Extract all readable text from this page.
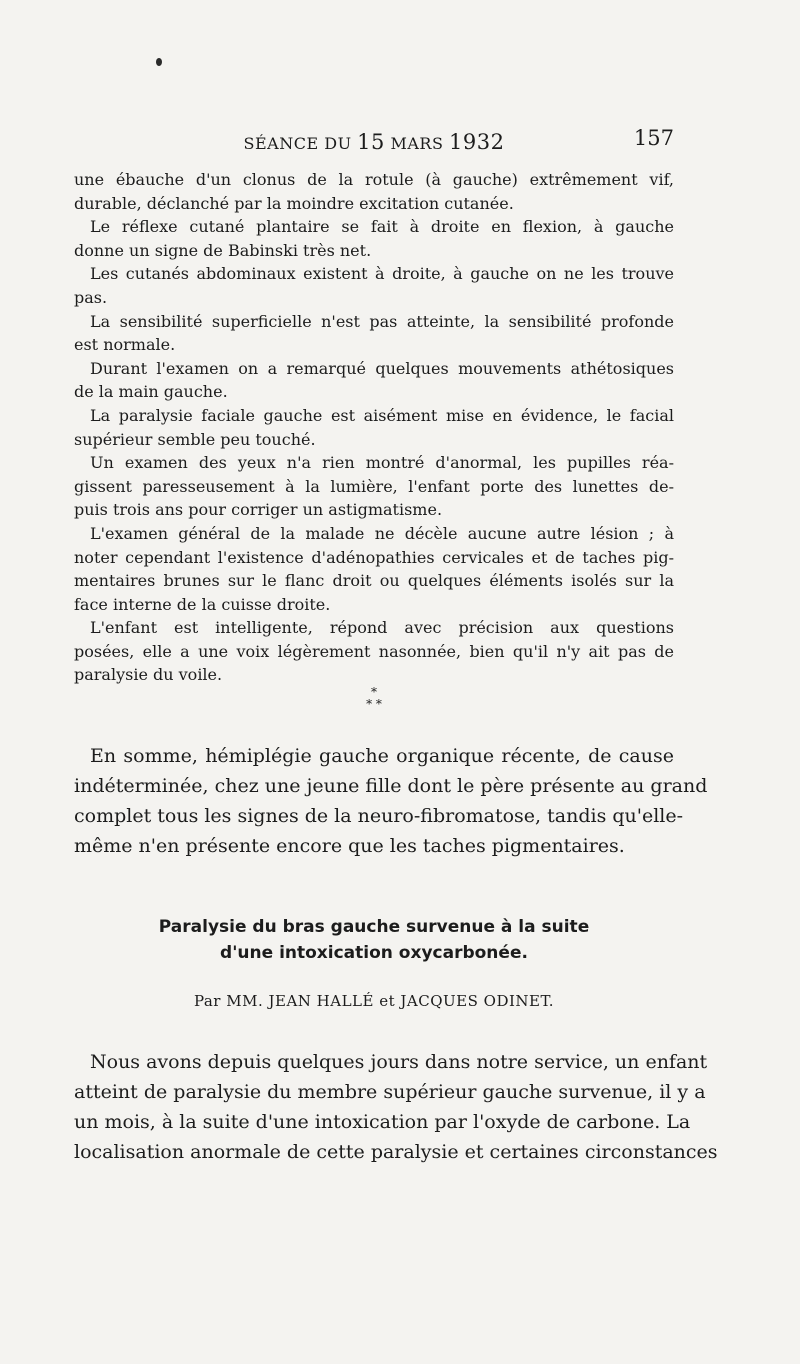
SÉANCE DU 15 MARS 1932	157
une ébauche d'un clonus de la rotule (à gauche) extrêmement vif,
durable, déclanché par la moindre excitation cutanée.
Le réflexe cutané plantaire se fait à droite en flexion, à gauche
donne un signe de Babinski très net.
Les cutanés abdominaux existent à droite, à gauche on ne les trouve
pas.
La sensibilité superficielle n'est pas atteinte, la sensibilité profonde
est normale.
Durant l'examen on a remarqué quelques mouvements athétosiques
de la main gauche.
La paralysie faciale gauche est aisément mise en évidence, le facial
supérieur semble peu touché.
Un examen des yeux n'a rien montré d'anormal, les pupilles réa-
gissent paresseusement à la lumière, l'enfant porte des lunettes de-
puis trois ans pour corriger un astigmatisme.
L'examen général de la malade ne décèle aucune autre lésion ; à
noter cependant l'existence d'adénopathies cervicales et de taches pig-
mentaires brunes sur le flanc droit ou quelques éléments isolés sur la
face interne de la cuisse droite.
L'enfant est intelligente, répond avec précision aux questions
posées, elle a une voix légèrement nasonnée, bien qu'il n'y ait pas de
paralysie du voile.
*
* *
En somme, hémiplégie gauche organique récente, de cause
indéterminée, chez une jeune fille dont le père présente au grand
complet tous les signes de la neuro-fibromatose, tandis qu'elle-
même n'en présente encore que les taches pigmentaires.
Paralysie du bras gauche survenue à la suite
d'une intoxication oxycarbonée.
Par MM. JEAN HALLÉ et JACQUES ODINET.
Nous avons depuis quelques jours dans notre service, un enfant
atteint de paralysie du membre supérieur gauche survenue, il y a
un mois, à la suite d'une intoxication par l'oxyde de carbone. La
localisation anormale de cette paralysie et certaines circonstances
